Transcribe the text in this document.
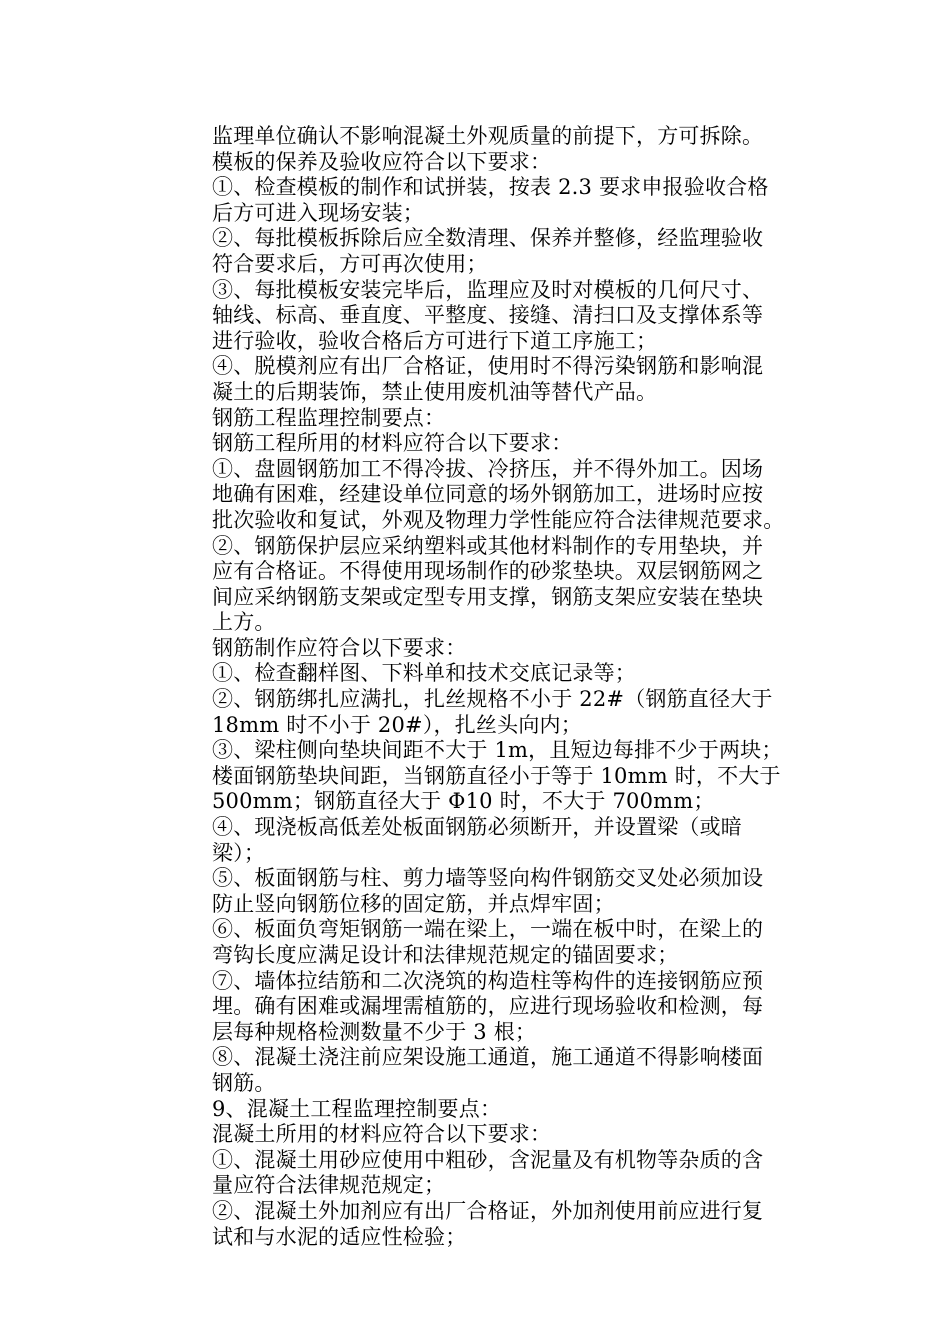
监理单位确认不影响混凝土外观质量的前提下，方可拆除。
模板的保养及验收应符合以下要求：
①、检查模板的制作和试拼装，按表 2.3 要求申报验收合格
后方可进入现场安装；
②、每批模板拆除后应全数清理、保养并整修，经监理验收
符合要求后，方可再次使用；
③、每批模板安装完毕后，监理应及时对模板的几何尺寸、
轴线、标高、垂直度、平整度、接缝、清扫口及支撑体系等
进行验收，验收合格后方可进行下道工序施工；
④、脱模剂应有出厂合格证，使用时不得污染钢筋和影响混
凝土的后期装饰，禁止使用废机油等替代产品。
钢筋工程监理控制要点：
钢筋工程所用的材料应符合以下要求：
①、盘圆钢筋加工不得冷拔、冷挤压，并不得外加工。因场
地确有困难，经建设单位同意的场外钢筋加工，进场时应按
批次验收和复试，外观及物理力学性能应符合法律规范要求。
②、钢筋保护层应采纳塑料或其他材料制作的专用垫块，并
应有合格证。不得使用现场制作的砂浆垫块。双层钢筋网之
间应采纳钢筋支架或定型专用支撑，钢筋支架应安装在垫块
上方。
钢筋制作应符合以下要求：
①、检查翻样图、下料单和技术交底记录等；
②、钢筋绑扎应满扎，扎丝规格不小于 22#（钢筋直径大于
18mm 时不小于 20#），扎丝头向内；
③、梁柱侧向垫块间距不大于 1m，且短边每排不少于两块；
楼面钢筋垫块间距，当钢筋直径小于等于 10mm 时，不大于
500mm；钢筋直径大于 Φ10 时，不大于 700mm；
④、现浇板高低差处板面钢筋必须断开，并设置梁（或暗
梁）；
⑤、板面钢筋与柱、剪力墙等竖向构件钢筋交叉处必须加设
防止竖向钢筋位移的固定筋，并点焊牢固；
⑥、板面负弯矩钢筋一端在梁上，一端在板中时，在梁上的
弯钩长度应满足设计和法律规范规定的锚固要求；
⑦、墙体拉结筋和二次浇筑的构造柱等构件的连接钢筋应预
埋。确有困难或漏埋需植筋的，应进行现场验收和检测，每
层每种规格检测数量不少于 3 根；
⑧、混凝土浇注前应架设施工通道，施工通道不得影响楼面
钢筋。
9、混凝土工程监理控制要点：
混凝土所用的材料应符合以下要求：
①、混凝土用砂应使用中粗砂，含泥量及有机物等杂质的含
量应符合法律规范规定；
②、混凝土外加剂应有出厂合格证，外加剂使用前应进行复
试和与水泥的适应性检验；
